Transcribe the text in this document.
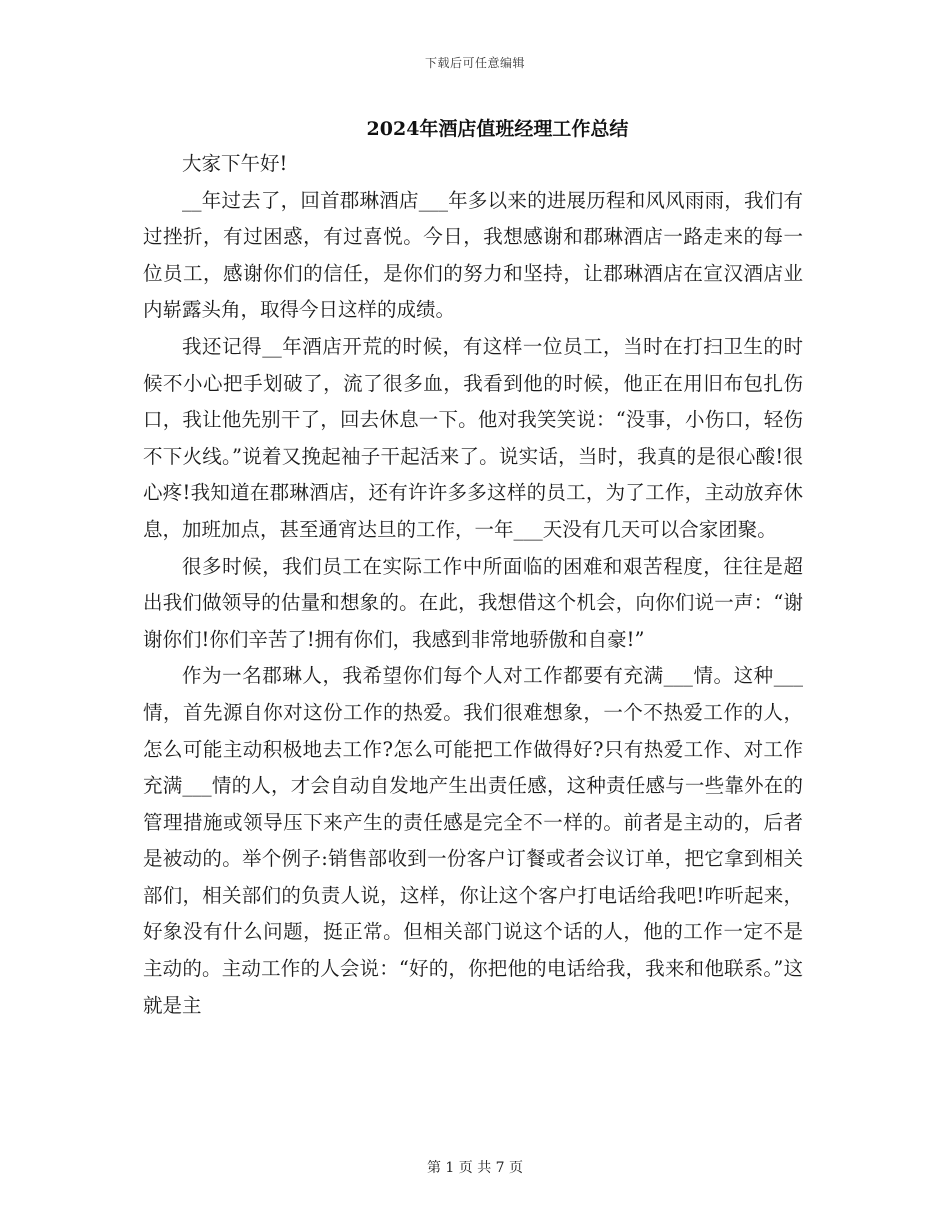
下载后可任意编辑
2024年酒店值班经理工作总结

大家下午好!

__年过去了，回首郡琳酒店___年多以来的进展历程和风风雨雨，我们有过挫折，有过困惑，有过喜悦。今日，我想感谢和郡琳酒店一路走来的每一位员工，感谢你们的信任，是你们的努力和坚持，让郡琳酒店在宣汉酒店业内崭露头角，取得今日这样的成绩。

我还记得__年酒店开荒的时候，有这样一位员工，当时在打扫卫生的时候不小心把手划破了，流了很多血，我看到他的时候，他正在用旧布包扎伤口，我让他先别干了，回去休息一下。他对我笑笑说：“没事，小伤口，轻伤不下火线。”说着又挽起袖子干起活来了。说实话，当时，我真的是很心酸!很心疼!我知道在郡琳酒店，还有许许多多这样的员工，为了工作，主动放弃休息，加班加点，甚至通宵达旦的工作，一年___天没有几天可以合家团聚。

很多时候，我们员工在实际工作中所面临的困难和艰苦程度，往往是超出我们做领导的估量和想象的。在此，我想借这个机会，向你们说一声：“谢谢你们!你们辛苦了!拥有你们，我感到非常地骄傲和自豪!”

作为一名郡琳人，我希望你们每个人对工作都要有充满___情。这种___情，首先源自你对这份工作的热爱。我们很难想象，一个不热爱工作的人，怎么可能主动积极地去工作?怎么可能把工作做得好?只有热爱工作、对工作充满___情的人，才会自动自发地产生出责任感，这种责任感与一些靠外在的管理措施或领导压下来产生的责任感是完全不一样的。前者是主动的，后者是被动的。举个例子:销售部收到一份客户订餐或者会议订单，把它拿到相关部们，相关部们的负责人说，这样，你让这个客户打电话给我吧!咋听起来，好象没有什么问题，挺正常。但相关部门说这个话的人，他的工作一定不是主动的。主动工作的人会说：“好的，你把他的电话给我，我来和他联系。”这就是主

第 1 页 共 7 页
